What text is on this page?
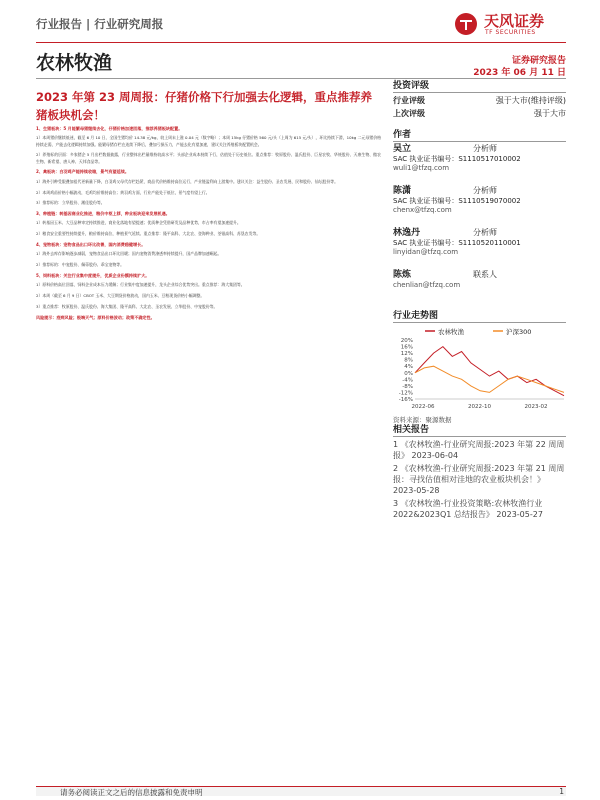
行业报告 | 行业研究周报	天风证券
TF SECURITIES
农林牧渔	证券研究报告
2023 年 06 月 11 日
2023 年第 23 周周报：仔猪价格下行加强去化逻辑，重点推荐养猪板块机会！

1、生猪板块：5 月能繁母猪继续去化，仔猪价格加速回落，推荐养猪板块配置。

1）本周猪价继续低迷，截至 6 月 10 日，全国生猪均价 14.38 元/kg，较上周末上涨 0.04 元（数字略）；本周 15kg 仔猪价格 560 元/头（上周为 615 元/头），环比持续下滑，10kg 二元母猪价格持续走弱，产能去化逻辑持续加强。能繁母猪存栏在连续下降后，叠加亏损压力，产能去化有望加速，建议关注养殖板块配置机会。

2）养殖标的层面：多家猪企 5 月出栏数据披露，行业整体出栏量维持较高水平；头部企业成本持续下行，估值处于历史低位。重点推荐：牧原股份、温氏股份、巨星农牧、华统股份、天康生物、傲农生物、新希望、唐人神、天邦食品等。

2、禽板块：白羽鸡产能持续收缩，景气有望延续。

1）海外引种受限叠加祖代更新量下降，白羽鸡父母代存栏趋紧，商品代价格维持高位运行，产业链盈利向上游集中。建议关注：益生股份、圣农发展、民和股份、仙坛股份等。

2）本周鸡苗价格小幅波动，毛鸡均价维持高位；黄羽鸡方面，行业产能处于低位，景气度有望上行。

3）推荐标的：立华股份、湘佳股份等。

3、种植链：转基因商业化推进，粮价中枢上移，种业板块迎来发展机遇。

1）转基因玉米、大豆品种审定持续推进，商业化落地有望提速；优质种企凭借研发及品种优势，市占率有望加速提升。

2）粮食安全重要性持续提升，粮价维持高位，种植景气延续。重点推荐：隆平高科、大北农、登海种业、荃银高科、苏垦农发等。

4、宠物板块：宠物食品出口环比改善，国内消费稳健增长。

1）海外去库存影响逐步减弱，宠物食品出口环比回暖；国内宠物消费渗透率持续提升，国产品牌加速崛起。

2）推荐标的：中宠股份、佩蒂股份、乖宝宠物等。

5、饲料板块：关注行业集中度提升，优质企业份额持续扩大。

1）原料价格高位回落，饲料企业成本压力缓解；行业集中度加速提升，龙头企业综合优势突出。重点推荐：海大集团等。

2）本周（截至 6 月 9 日）CBOT 玉米、大豆期货价格波动，国内玉米、豆粕现货价格小幅调整。

3）重点推荐：牧原股份、温氏股份、海大集团、隆平高科、大北农、圣农发展、立华股份、中宠股份等。

风险提示：疫病风险；极端天气；原料价格波动；政策不确定性。

投资评级
行业评级	强于大市(维持评级)
上次评级	强于大市
作者
吴立	分析师
SAC 执业证书编号：S1110517010002
wuli1@tfzq.com
陈潇	分析师
SAC 执业证书编号：S1110519070002
chenx@tfzq.com
林逸丹	分析师
SAC 执业证书编号：S1110520110001
linyidan@tfzq.com
陈炼	联系人
chenlian@tfzq.com
行业走势图
农林牧渔	沪深300
20%
16%
12%
8%
4%
0%
-4%
-8%
-12%
-16%
2022-06	2022-10	2023-02
资料来源：聚源数据
相关报告
1 《农林牧渔-行业研究周报:2023 年第 22 周周报》 2023-06-04
2 《农林牧渔-行业研究周报:2023 年第 21 周周报：寻找估值相对洼地的农业板块机会！》 2023-05-28
3 《农林牧渔-行业投资策略:农林牧渔行业 2022&2023Q1 总结报告》 2023-05-27
请务必阅读正文之后的信息披露和免责申明	1
